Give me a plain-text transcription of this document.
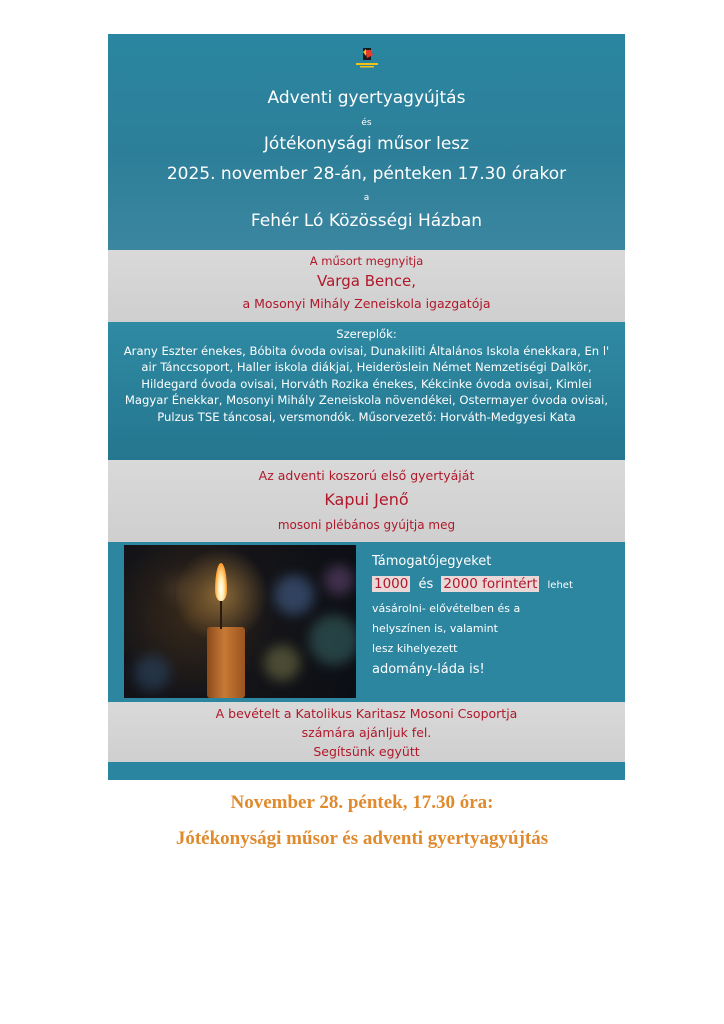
Adventi gyertyagyújtás
és
Jótékonysági műsor lesz
2025. november 28-án, pénteken 17.30 órakor
a
Fehér Ló Közösségi Házban
A műsort megnyitja
Varga Bence,
a Mosonyi Mihály Zeneiskola igazgatója
Szereplők:
Arany Eszter énekes, Bóbita óvoda ovisai, Dunakiliti Általános Iskola énekkara, En l' air Tánccsoport, Haller iskola diákjai, Heideröslein Német Nemzetiségi Dalkör, Hildegard óvoda ovisai, Horváth Rozika énekes, Kékcinke óvoda ovisai, Kimlei Magyar Énekkar, Mosonyi Mihály Zeneiskola növendékei, Ostermayer óvoda ovisai, Pulzus TSE táncosai, versmondók. Műsorvezető: Horváth-Medgyesi Kata
Az adventi koszorú első gyertyáját
Kapui Jenő
mosoni plébános gyújtja meg
Támogatójegyeket
1000 és 2000 forintért lehet
vásárolni- elővételben és a
helyszínen is, valamint
lesz kihelyezett
adomány-láda is!
A bevételt a Katolikus Karitasz Mosoni Csoportja
számára ajánljuk fel.
Segítsünk együtt
November 28. péntek, 17.30 óra:
Jótékonysági műsor és adventi gyertyagyújtás
